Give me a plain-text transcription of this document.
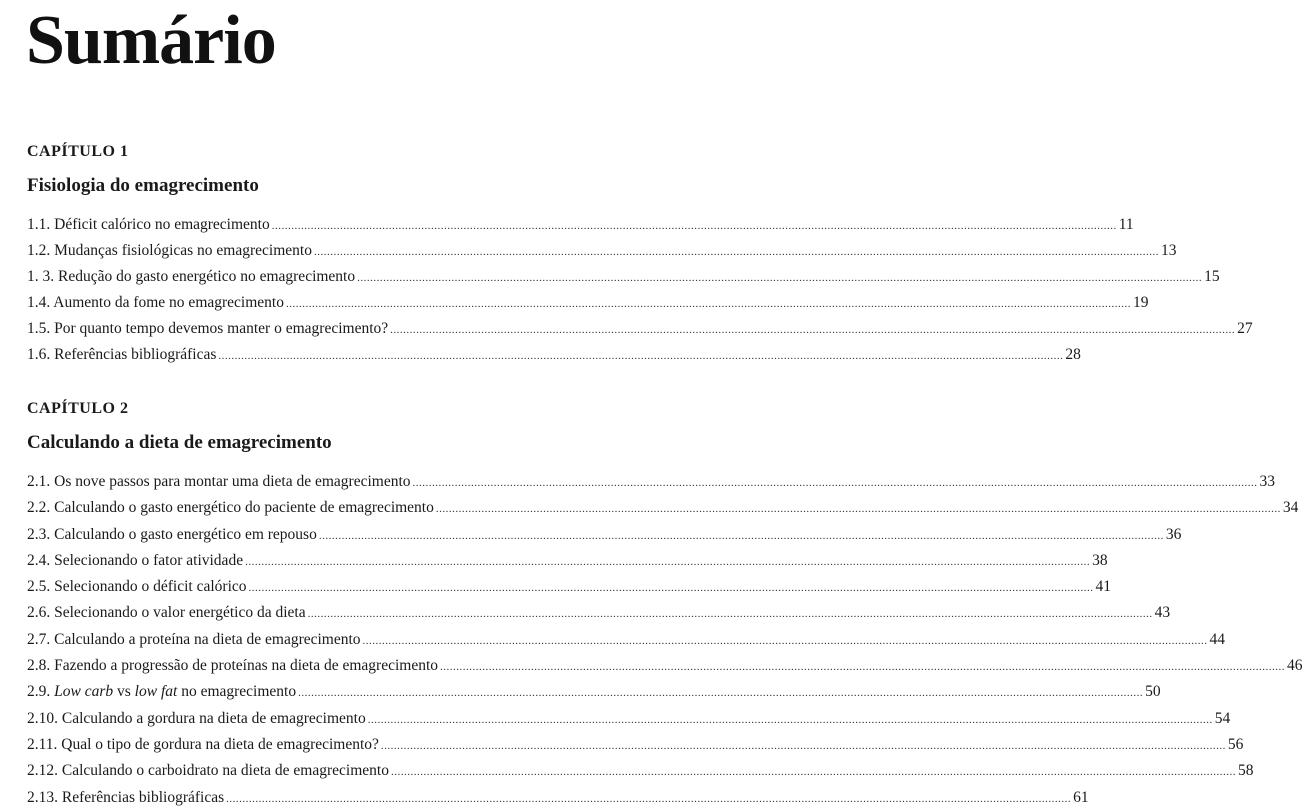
Sumário
CAPÍTULO 1
Fisiologia do emagrecimento
1.1. Déficit calórico no emagrecimento .....	11
1.2. Mudanças fisiológicas no emagrecimento .....	13
1. 3. Redução do gasto energético no emagrecimento .....	15
1.4. Aumento da fome no emagrecimento .....	19
1.5. Por quanto tempo devemos manter o emagrecimento? .....	27
1.6. Referências bibliográficas .....	28
CAPÍTULO 2
Calculando a dieta de emagrecimento
2.1. Os nove passos para montar uma dieta de emagrecimento .....	33
2.2. Calculando o gasto energético do paciente de emagrecimento .....	34
2.3. Calculando o gasto energético em repouso .....	36
2.4. Selecionando o fator atividade .....	38
2.5. Selecionando o déficit calórico .....	41
2.6. Selecionando o valor energético da dieta .....	43
2.7. Calculando a proteína na dieta de emagrecimento .....	44
2.8. Fazendo a progressão de proteínas na dieta de emagrecimento .....	46
2.9. Low carb vs low fat no emagrecimento .....	50
2.10. Calculando a gordura na dieta de emagrecimento .....	54
2.11. Qual o tipo de gordura na dieta de emagrecimento? .....	56
2.12. Calculando o carboidrato na dieta de emagrecimento .....	58
2.13. Referências bibliográficas .....	61
